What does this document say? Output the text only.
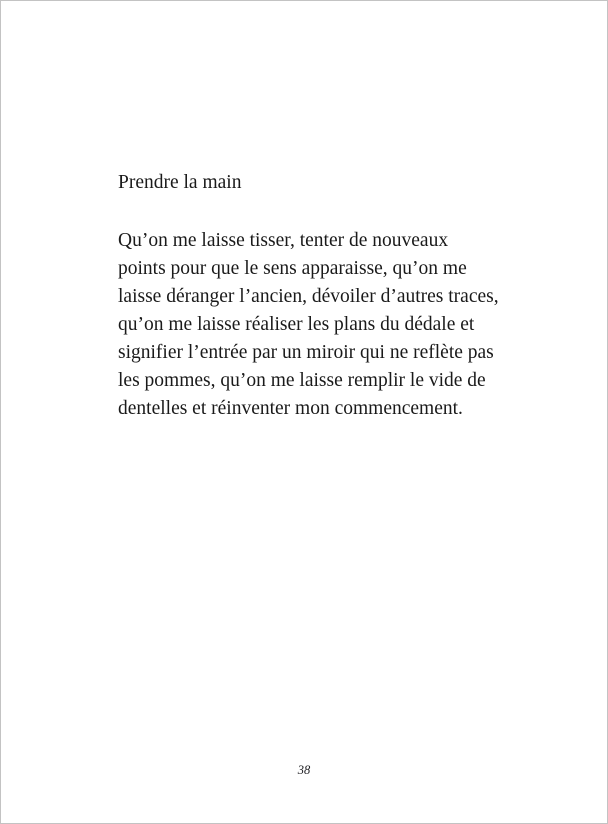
Prendre la main
Qu’on me laisse tisser, tenter de nouveaux
points pour que le sens apparaisse, qu’on me
laisse déranger l’ancien, dévoiler d’autres traces,
qu’on me laisse réaliser les plans du dédale et
signifier l’entrée par un miroir qui ne reflète pas
les pommes, qu’on me laisse remplir le vide de
dentelles et réinventer mon commencement.
38
